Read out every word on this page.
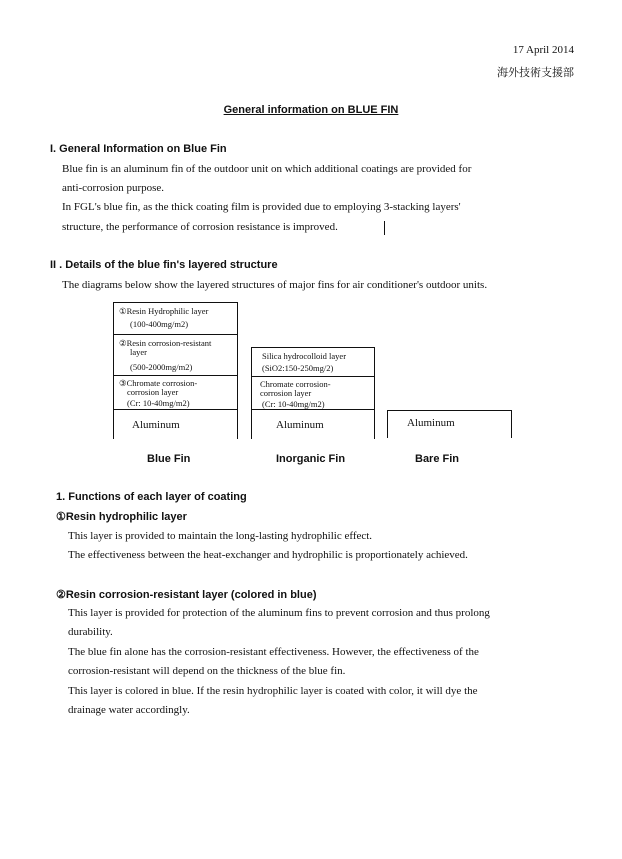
17 April 2014
海外技術支援部
General information on BLUE FIN
I. General Information on Blue Fin
Blue fin is an aluminum fin of the outdoor unit on which additional coatings are provided for
anti-corrosion purpose.
In FGL's blue fin, as the thick coating film is provided due to employing 3-stacking layers'
structure, the performance of corrosion resistance is improved.
II . Details of the blue fin's layered structure
The diagrams below show the layered structures of major fins for air conditioner's outdoor units.
①Resin Hydrophilic layer
(100-400mg/m2)
②Resin corrosion-resistant
layer
(500-2000mg/m2)
③Chromate corrosion-
corrosion layer
(Cr: 10-40mg/m2)
Aluminum
Blue Fin
Silica hydrocolloid layer
(SiO2:150-250mg/2)
Chromate corrosion-
corrosion layer
(Cr: 10-40mg/m2)
Aluminum
Inorganic Fin
Aluminum
Bare Fin
1. Functions of each layer of coating
①Resin hydrophilic layer
This layer is provided to maintain the long-lasting hydrophilic effect.
The effectiveness between the heat-exchanger and hydrophilic is proportionately achieved.
②Resin corrosion-resistant layer (colored in blue)
This layer is provided for protection of the aluminum fins to prevent corrosion and thus prolong
durability.
The blue fin alone has the corrosion-resistant effectiveness. However, the effectiveness of the
corrosion-resistant will depend on the thickness of the blue fin.
This layer is colored in blue. If the resin hydrophilic layer is coated with color, it will dye the
drainage water accordingly.
